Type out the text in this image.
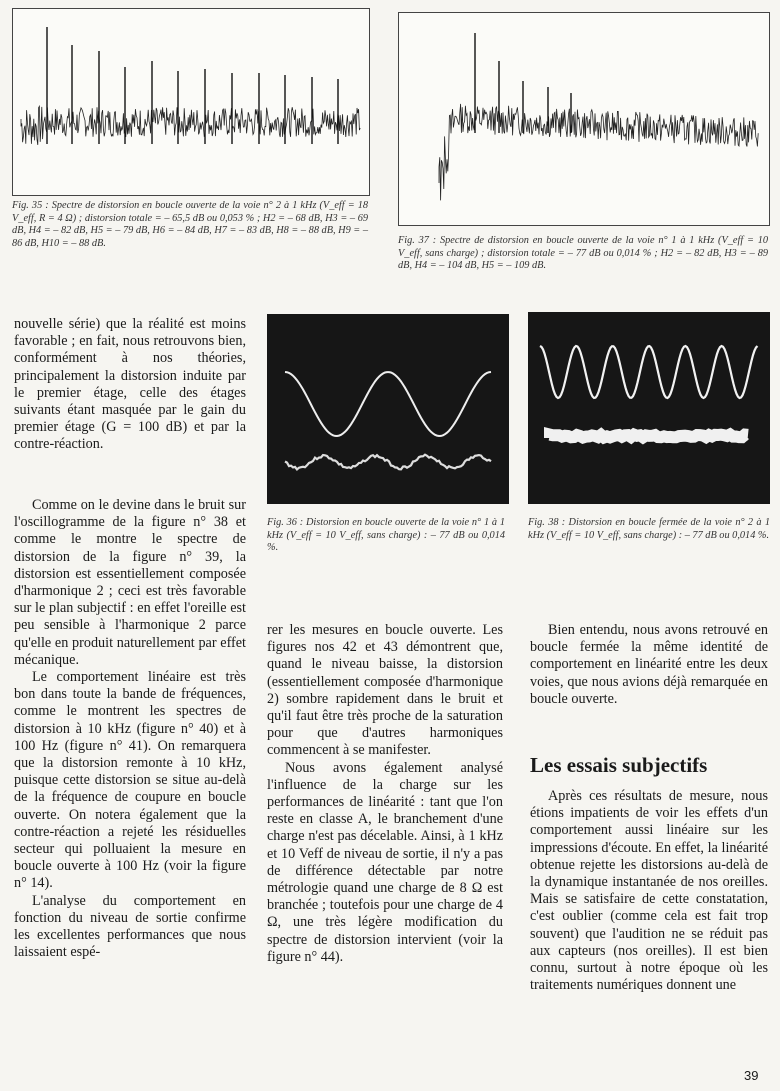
Fig. 35 : Spectre de distorsion en boucle ouverte de la voie n° 2 à 1 kHz (V_eff = 18 V_eff, R = 4 Ω) ; distorsion totale = – 65,5 dB ou 0,053 % ; H2 = – 68 dB, H3 = – 69 dB, H4 = – 82 dB, H5 = – 79 dB, H6 = – 84 dB, H7 = – 83 dB, H8 = – 88 dB, H9 = – 86 dB, H10 = – 88 dB.	Fig. 37 : Spectre de distorsion en boucle ouverte de la voie n° 1 à 1 kHz (V_eff = 10 V_eff, sans charge) ; distorsion totale = – 77 dB ou 0,014 % ; H2 = – 82 dB, H3 = – 89 dB, H4 = – 104 dB, H5 = – 109 dB.

nouvelle série) que la réalité est moins favorable ; en fait, nous retrouvons bien, conformément à nos théories, principalement la distorsion induite par le premier étage, celle des étages suivants étant masquée par le gain du premier étage (G = 100 dB) et par la contre-réaction.

Fig. 36 : Distorsion en boucle ouverte de la voie n° 1 à 1 kHz (V_eff = 10 V_eff, sans charge) : – 77 dB ou 0,014 %.
Fig. 38 : Distorsion en boucle fermée de la voie n° 2 à 1 kHz (V_eff = 10 V_eff, sans charge) : – 77 dB ou 0,014 %.

Comme on le devine dans le bruit sur l'oscillogramme de la figure n° 38 et comme le montre le spectre de distorsion de la figure n° 39, la distorsion est essentiellement composée d'harmonique 2 ; ceci est très favorable sur le plan subjectif : en effet l'oreille est peu sensible à l'harmonique 2 parce qu'elle en produit naturellement par effet mécanique.

Le comportement linéaire est très bon dans toute la bande de fréquences, comme le montrent les spectres de distorsion à 10 kHz (figure n° 40) et à 100 Hz (figure n° 41). On remarquera que la distorsion remonte à 10 kHz, puisque cette distorsion se situe au-delà de la fréquence de coupure en boucle ouverte. On notera également que la contre-réaction a rejeté les résiduelles secteur qui polluaient la mesure en boucle ouverte à 100 Hz (voir la figure n° 14).

L'analyse du comportement en fonction du niveau de sortie confirme les excellentes performances que nous laissaient espé-

rer les mesures en boucle ouverte. Les figures nos 42 et 43 démontrent que, quand le niveau baisse, la distorsion (essentiellement composée d'harmonique 2) sombre rapidement dans le bruit et qu'il faut être très proche de la saturation pour que d'autres harmoniques commencent à se manifester.

Nous avons également analysé l'influence de la charge sur les performances de linéarité : tant que l'on reste en classe A, le branchement d'une charge n'est pas décelable. Ainsi, à 1 kHz et 10 Veff de niveau de sortie, il n'y a pas de différence détectable par notre métrologie quand une charge de 8 Ω est branchée ; toutefois pour une charge de 4 Ω, une très légère modification du spectre de distorsion intervient (voir la figure n° 44).

Bien entendu, nous avons retrouvé en boucle fermée la même identité de comportement en linéarité entre les deux voies, que nous avions déjà remarquée en boucle ouverte.

Les essais subjectifs

Après ces résultats de mesure, nous étions impatients de voir les effets d'un comportement aussi linéaire sur les impressions d'écoute. En effet, la linéarité obtenue rejette les distorsions au-delà de la dynamique instantanée de nos oreilles. Mais se satisfaire de cette constatation, c'est oublier (comme cela est fait trop souvent) que l'audition ne se réduit pas aux capteurs (nos oreilles). Il est bien connu, surtout à notre époque où les traitements numériques donnent une

39
